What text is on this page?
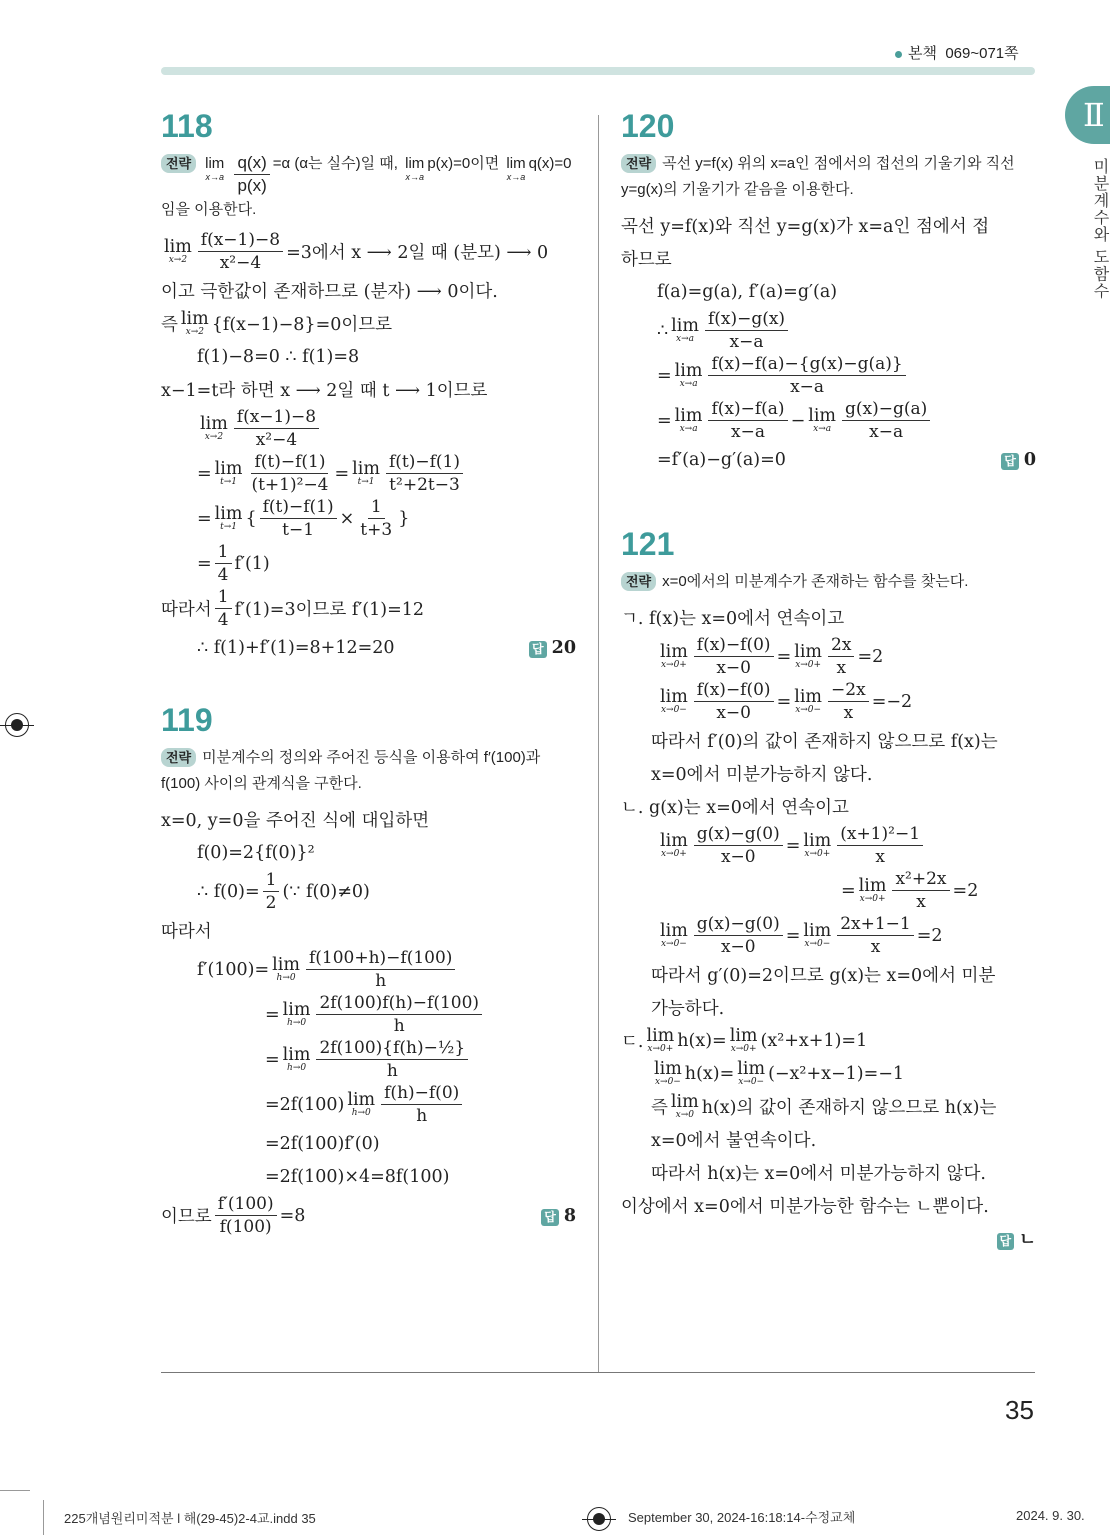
본책 069~071쪽
Ⅱ
미분계수와 도함수
118
전략 lim
x→a
$\frac{q(x)}{p(x)} =\alpha$ (α는 실수)일 때, lim
x→a
p(x)=0이면 lim
x→a
q(x)=0임을 이용한다.
lim
$x\to 2 \frac{f(x-1)-8}{\text{x²−4}} =3$에서 x ⟶ 2일 때 (분모) ⟶ 0
이고 극한값이 존재하므로 (분자) ⟶ 0이다.
즉 lim
x→2 {f(x−1)−8}=0이므로
f(1)−8=0 ∴ f(1)=8
x−1=t라 하면 x ⟶ 2일 때 t ⟶ 1이므로
lim
$x\to 2 \frac{f(x-1)-8}{\text{x²−4}}$
= lim
$t\to 1 \frac{f(t)-f(1)}{\text{(t+1)²−4}} = \lim$
$t\to 1 \frac{f(t)-f(1)}{\text{t²+2t−3}}$
= lim
t→1 { $\frac{f(t)-f(1)}{t-1} \times \frac{1}{t+3}$ }
= $\frac{1}{4} f'(1)$
따라서 $\frac{1}{4} f'(1)=3$이므로 f′(1)=12
∴ f(1)+f′(1)=8+12=20	답 20
119
전략 미분계수의 정의와 주어진 등식을 이용하여 f′(100)과 f(100) 사이의 관계식을 구한다.
x=0, y=0을 주어진 식에 대입하면
f(0)=2{f(0)}²
∴ $f(0)= \frac{1}{2}$ (∵ f(0)≠0)
따라서
f′(100)= lim
$h\to 0 \frac{f(100+h)-f(100)}{h}$
= lim
$h\to 0 \frac{2f(100)f(h)-f(100)}{h}$
= lim
$h\to 0 \frac{\text{2f(100)\{f(h)−½\}}}{h}$
=2f(100) lim
$h\to 0 \frac{f(h)-f(0)}{h}$
=2f(100)f′(0)
=2f(100)×4=8f(100)
이므로 $\frac{f'(100)}{f(100)} =8$	답 8
120
전략 곡선 y=f(x) 위의 x=a인 점에서의 접선의 기울기와 직선 y=g(x)의 기울기가 같음을 이용한다.
곡선 y=f(x)와 직선 y=g(x)가 x=a인 점에서 접
하므로
f(a)=g(a), f′(a)=g′(a)
∴ lim
$x\to a \frac{f(x)-g(x)}{x-a}$
= lim
$x\to a \frac{f(x)-f(a)-\{g(x)-g(a)\}}{x-a}$
= lim
$x\to a \frac{f(x)-f(a)}{x-a} - \lim$
$x\to a \frac{g(x)-g(a)}{x-a}$
=f′(a)−g′(a)=0	답 0
121
전략 x=0에서의 미분계수가 존재하는 함수를 찾는다.
ㄱ. f(x)는 x=0에서 연속이고
lim
$x\to 0+ \frac{f(x)-f(0)}{x-0} = \lim$
$x\to 0+ \frac{2x}{x} =2$
lim
$x\to 0- \frac{f(x)-f(0)}{x-0} = \lim$
$x\to 0- \frac{-2x}{x} =-2$
따라서 f′(0)의 값이 존재하지 않으므로 f(x)는
x=0에서 미분가능하지 않다.
ㄴ. g(x)는 x=0에서 연속이고
lim
$x\to 0+ \frac{g(x)-g(0)}{x-0} = \lim$
$x\to 0+ \frac{\text{(x+1)²−1}}{x}$
= lim
$x\to 0+ \frac{\text{x²+2x}}{x} =2$
lim
$x\to 0- \frac{g(x)-g(0)}{x-0} = \lim$
$x\to 0- \frac{2x+1-1}{x} =2$
따라서 g′(0)=2이므로 g(x)는 x=0에서 미분
가능하다.
ㄷ. lim
x→0+ h(x)= lim
x→0+ (x²+x+1)=1
lim
x→0− h(x)= lim
x→0− (−x²+x−1)=−1
즉 lim
x→0 h(x)의 값이 존재하지 않으므로 h(x)는
x=0에서 불연속이다.
따라서 h(x)는 x=0에서 미분가능하지 않다.
이상에서 x=0에서 미분가능한 함수는 ㄴ뿐이다.
답 ㄴ
35
225개념원리미적분 l 해(29-45)2-4교.indd 35	September 30, 2024-16:18:14-수정교체	2024. 9. 30.
